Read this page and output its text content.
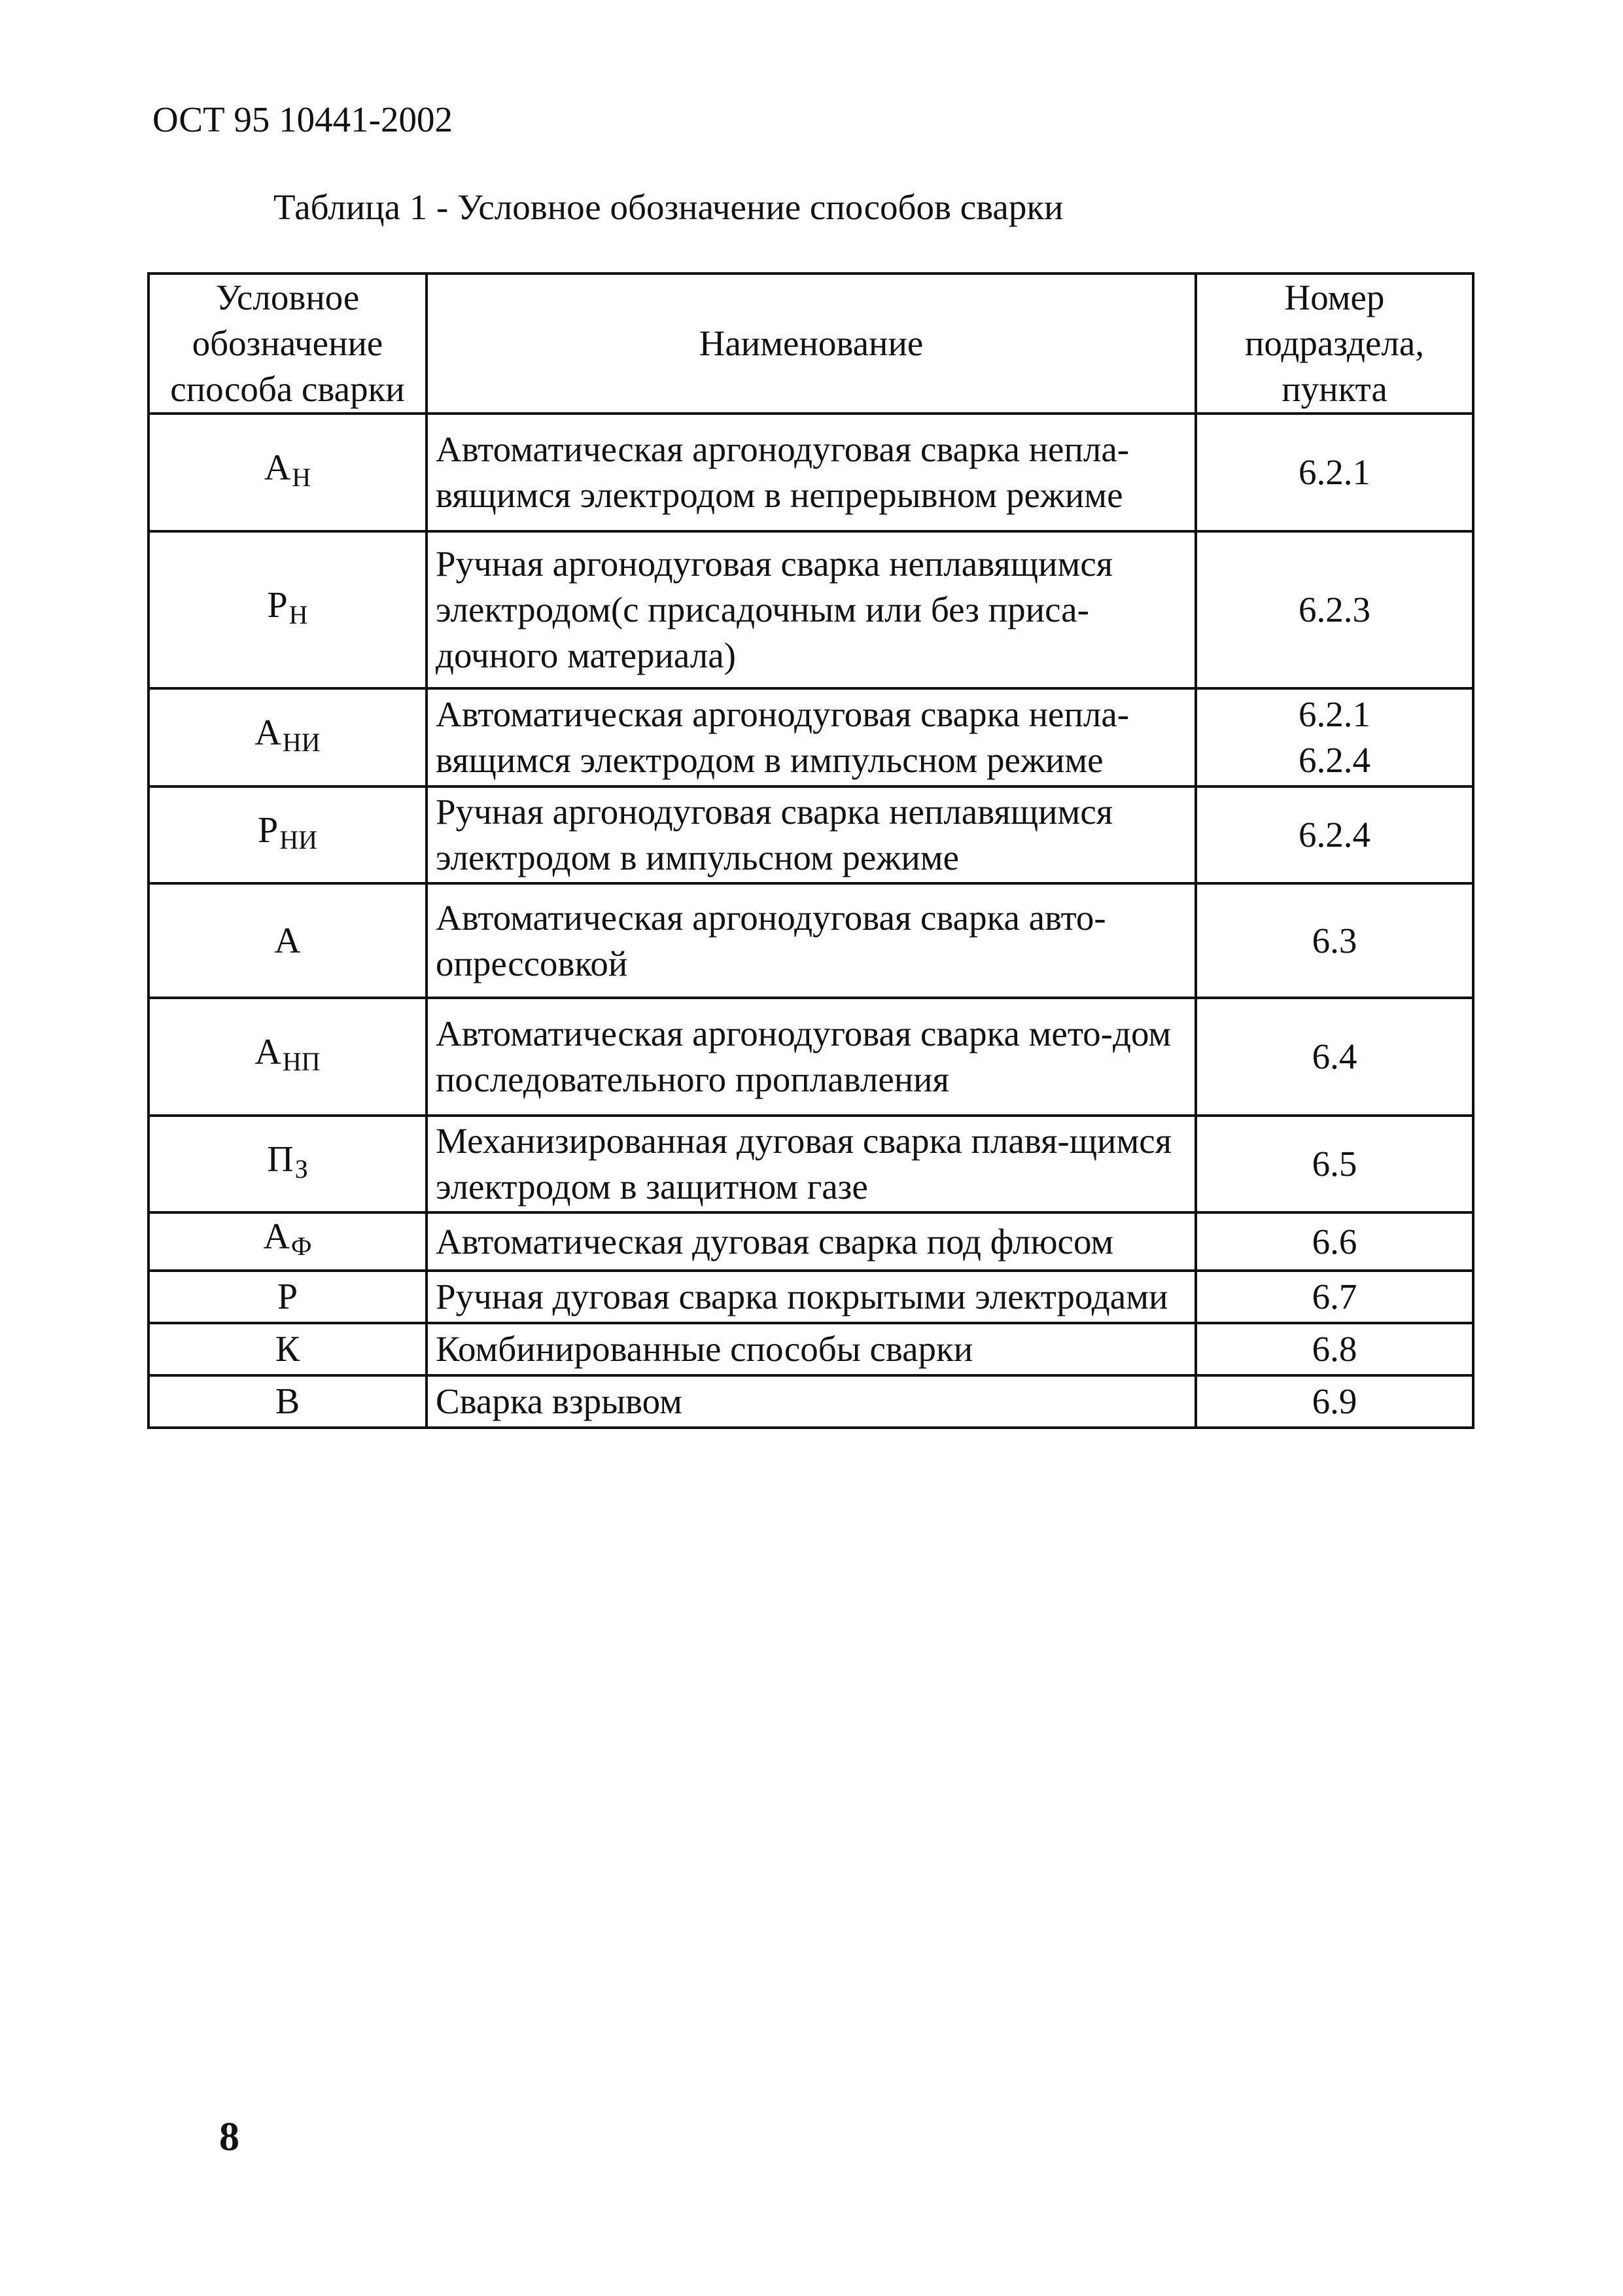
ОСТ 95 10441-2002
Таблица 1 - Условное обозначение способов сварки
Условное обозначение способа сварки	Наименование	Номер подраздела, пункта
АН	Автоматическая аргонодуговая сварка непла-вящимся электродом в непрерывном режиме	6.2.1

РН	Ручная аргонодуговая сварка неплавящимся электродом(с присадочным или без приса-дочного материала)	6.2.3

АНИ	Автоматическая аргонодуговая сварка непла-вящимся электродом в импульсном режиме	6.2.1
6.2.4

РНИ	Ручная аргонодуговая сварка неплавящимся электродом в импульсном режиме	6.2.4

А	Автоматическая аргонодуговая сварка авто-опрессовкой	6.3

АНП	Автоматическая аргонодуговая сварка мето-дом последовательного проплавления	6.4

ПЗ	Механизированная дуговая сварка плавя-щимся электродом в защитном газе	6.5

АФ	Автоматическая дуговая сварка под флюсом	6.6

Р	Ручная дуговая сварка покрытыми электродами	6.7

К	Комбинированные способы сварки	6.8

В	Сварка взрывом	6.9
8
